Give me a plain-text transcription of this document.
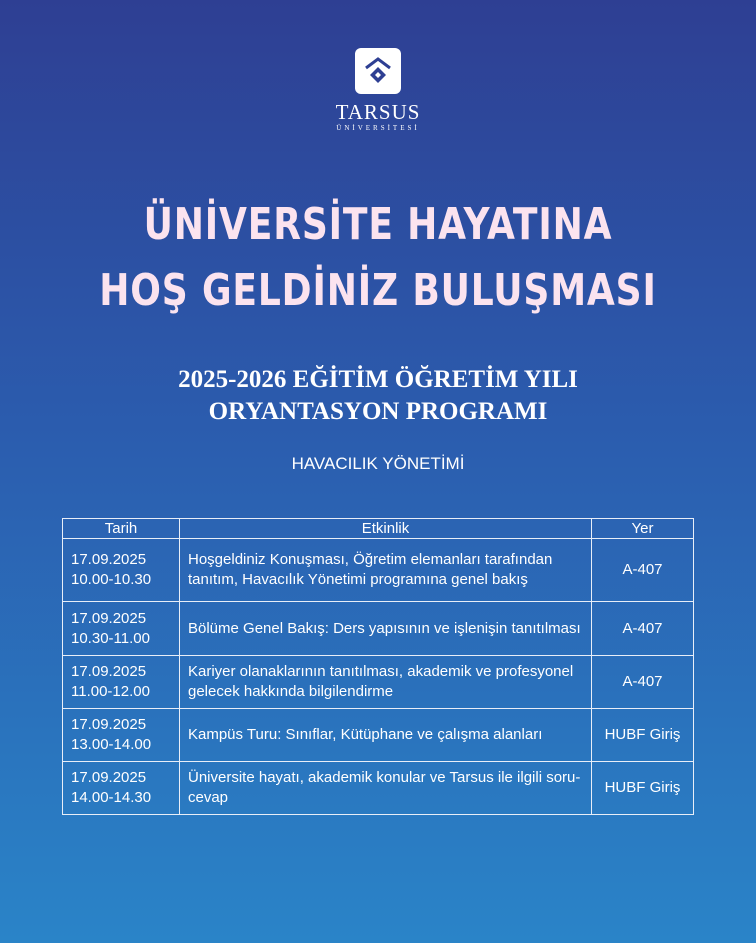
TARSUS
ÜNİVERSİTESİ
ÜNİVERSİTE HAYATINA
HOŞ GELDİNİZ BULUŞMASI
2025-2026 EĞİTİM ÖĞRETİM YILI
ORYANTASYON PROGRAMI
HAVACILIK YÖNETİMİ
Tarih	Etkinlik	Yer

17.09.2025
10.00-10.30	Hoşgeldiniz Konuşması, Öğretim elemanları tarafından tanıtım, Havacılık Yönetimi programına genel bakış	A-407

17.09.2025
10.30-11.00	Bölüme Genel Bakış: Ders yapısının ve işlenişin tanıtılması	A-407

17.09.2025
11.00-12.00	Kariyer olanaklarının tanıtılması, akademik ve profesyonel gelecek hakkında bilgilendirme	A-407

17.09.2025
13.00-14.00	Kampüs Turu: Sınıflar, Kütüphane ve çalışma alanları	HUBF Giriş

17.09.2025
14.00-14.30	Üniversite hayatı, akademik konular ve Tarsus ile ilgili soru-cevap	HUBF Giriş
